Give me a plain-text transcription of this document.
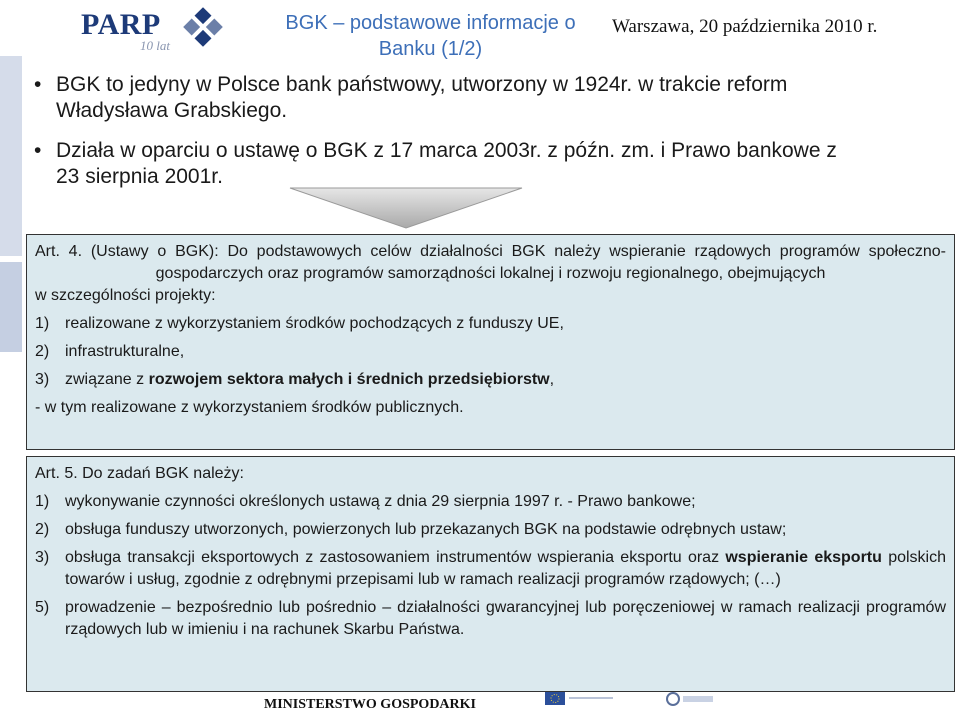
PARP
10 lat
BGK – podstawowe informacje o
Banku (1/2)
Warszawa, 20 października 2010 r.
• BGK to jedyny w Polsce bank państwowy, utworzony w 1924r. w trakcie reform Władysława Grabskiego.
• Działa w oparciu o ustawę o BGK z 17 marca 2003r. z późn. zm. i Prawo bankowe z 23 sierpnia 2001r.
Art. 4. (Ustawy o BGK): Do podstawowych celów działalności BGK należy wspieranie rządowych programów społeczno-gospodarczych oraz programów samorządności lokalnej i rozwoju regionalnego, obejmujących
w szczególności projekty:
1) realizowane z wykorzystaniem środków pochodzących z funduszy UE,
2) infrastrukturalne,
3) związane z rozwojem sektora małych i średnich przedsiębiorstw,
- w tym realizowane z wykorzystaniem środków publicznych.
Art. 5. Do zadań BGK należy:
1) wykonywanie czynności określonych ustawą z dnia 29 sierpnia 1997 r. - Prawo bankowe;
2) obsługa funduszy utworzonych, powierzonych lub przekazanych BGK na podstawie odrębnych ustaw;
3) obsługa transakcji eksportowych z zastosowaniem instrumentów wspierania eksportu oraz wspieranie eksportu polskich towarów i usług, zgodnie z odrębnymi przepisami lub w ramach realizacji programów rządowych; (…)
5) prowadzenie – bezpośrednio lub pośrednio – działalności gwarancyjnej lub poręczeniowej w ramach realizacji programów rządowych lub w imieniu i na rachunek Skarbu Państwa.
MINISTERSTWO GOSPODARKI
